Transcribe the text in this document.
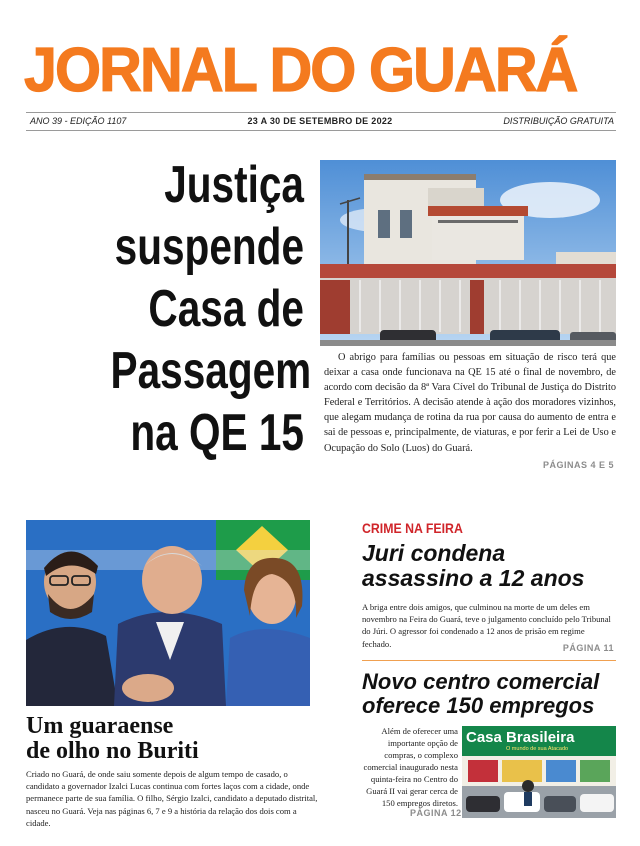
JORNAL DO GUARÁ
ANO 39 - EDIÇÃO 1107	23 A 30 DE SETEMBRO DE 2022	DISTRIBUIÇÃO GRATUITA
Justiça
suspende
Casa de
Passagem
na QE 15

O abrigo para famílias ou pessoas em situação de risco terá que deixar a casa onde funcionava na QE 15 até o final de novembro, de acordo com decisão da 8ª Vara Cível do Tribunal de Justiça do Distrito Federal e Territórios. A decisão atende à ação dos moradores vizinhos, que alegam mudança de rotina da rua por causa do aumento de entra e sai de pessoas e, principalmente, de viaturas, e por ferir a Lei de Uso e Ocupação do Solo (Luos) do Guará.

PÁGINAS 4 E 5
Um guaraense
de olho no Buriti

Criado no Guará, de onde saiu somente depois de algum tempo de casado, o candidato a governador Izalci Lucas continua com fortes laços com a cidade, onde permanece parte de sua família. O filho, Sérgio Izalci, candidato a deputado distrital, nasceu no Guará. Veja nas páginas 6, 7 e 9 a história da relação dos dois com a cidade.

CRIME NA FEIRA
Juri condena
assassino a 12 anos

A briga entre dois amigos, que culminou na morte de um deles em novembro na Feira do Guará, teve o julgamento concluído pelo Tribunal do Júri. O agressor foi condenado a 12 anos de prisão em regime fechado.	PÁGINA 11
Novo centro comercial
oferece 150 empregos

Além de oferecer uma importante opção de compras, o complexo comercial inaugurado nesta quinta-feira no Centro do Guará II vai gerar cerca de 150 empregos diretos.

PÁGINA 12
Casa Brasileira
O mundo de sua Atacado
